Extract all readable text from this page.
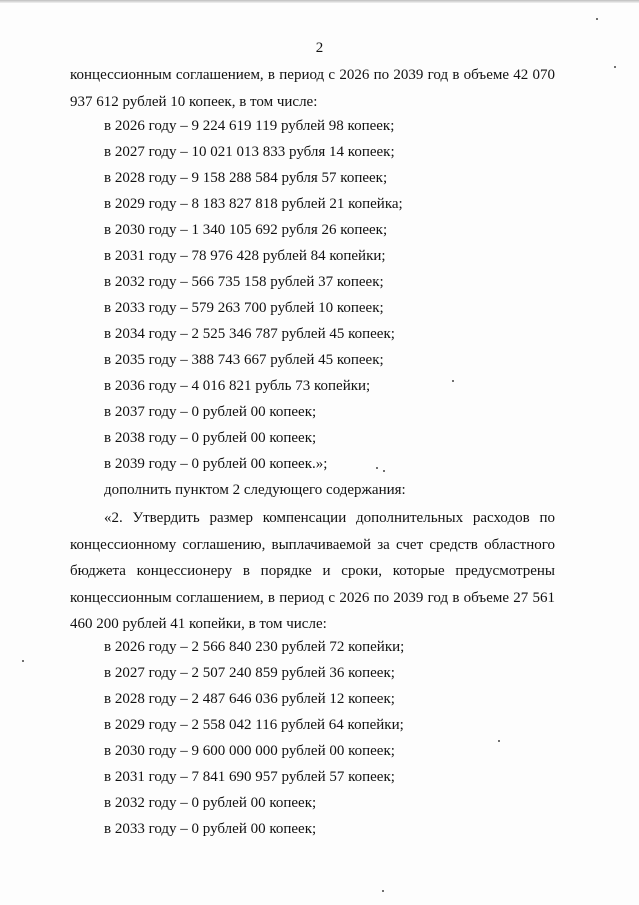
2

концессионным соглашением, в период с 2026 по 2039 год в объеме 42 070 937 612 рублей 10 копеек, в том числе:

в 2026 году – 9 224 619 119 рублей 98 копеек;
в 2027 году – 10 021 013 833 рубля 14 копеек;
в 2028 году – 9 158 288 584 рубля 57 копеек;
в 2029 году – 8 183 827 818 рублей 21 копейка;
в 2030 году – 1 340 105 692 рубля 26 копеек;
в 2031 году – 78 976 428 рублей 84 копейки;
в 2032 году – 566 735 158 рублей 37 копеек;
в 2033 году – 579 263 700 рублей 10 копеек;
в 2034 году – 2 525 346 787 рублей 45 копеек;
в 2035 году – 388 743 667 рублей 45 копеек;
в 2036 году – 4 016 821 рубль 73 копейки;
в 2037 году – 0 рублей 00 копеек;
в 2038 году – 0 рублей 00 копеек;
в 2039 году – 0 рублей 00 копеек.»;
дополнить пунктом 2 следующего содержания:

«2. Утвердить размер компенсации дополнительных расходов по концессионному соглашению, выплачиваемой за счет средств областного бюджета концессионеру в порядке и сроки, которые предусмотрены концессионным соглашением, в период с 2026 по 2039 год в объеме 27 561 460 200 рублей 41 копейки, в том числе:

в 2026 году – 2 566 840 230 рублей 72 копейки;
в 2027 году – 2 507 240 859 рублей 36 копеек;
в 2028 году – 2 487 646 036 рублей 12 копеек;
в 2029 году – 2 558 042 116 рублей 64 копейки;
в 2030 году – 9 600 000 000 рублей 00 копеек;
в 2031 году – 7 841 690 957 рублей 57 копеек;
в 2032 году – 0 рублей 00 копеек;
в 2033 году – 0 рублей 00 копеек;
